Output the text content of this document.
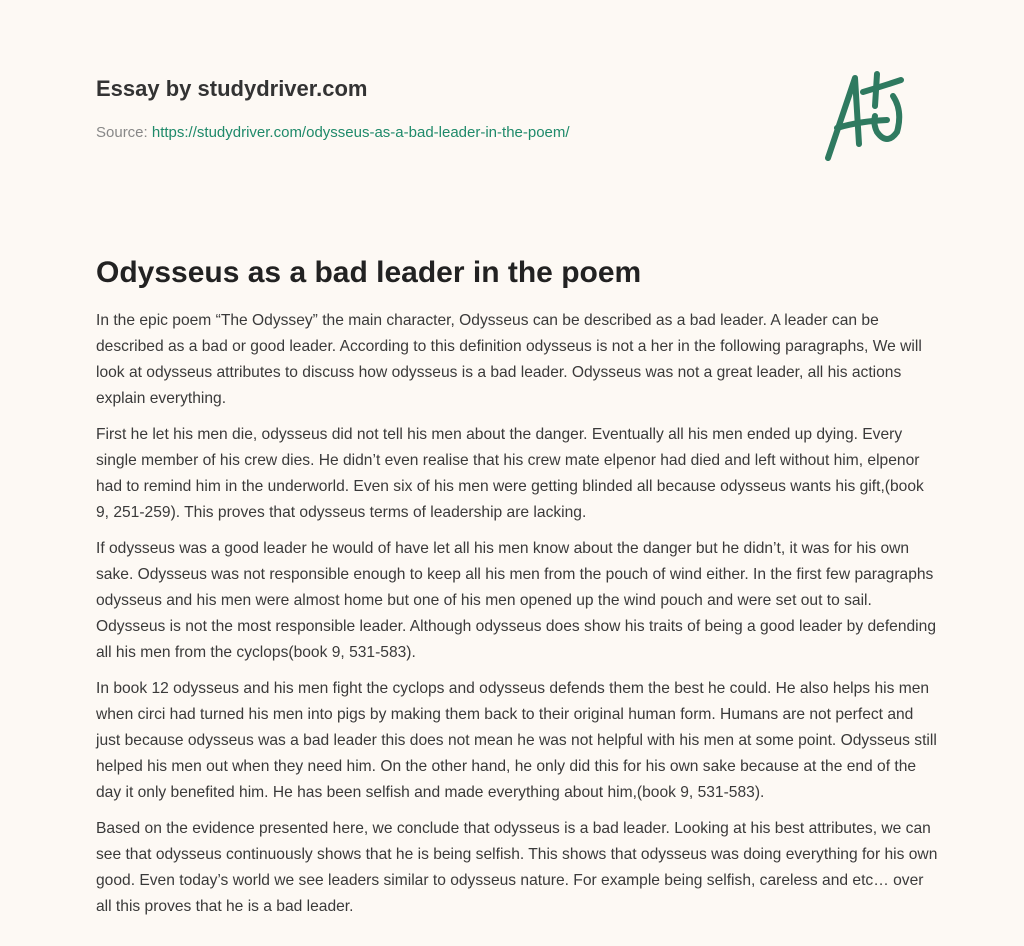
Essay by studydriver.com
Source: https://studydriver.com/odysseus-as-a-bad-leader-in-the-poem/
Odysseus as a bad leader in the poem

In the epic poem “The Odyssey” the main character, Odysseus can be described as a bad leader. A leader can be described as a bad or good leader. According to this definition odysseus is not a her in the following paragraphs, We will look at odysseus attributes to discuss how odysseus is a bad leader. Odysseus was not a great leader, all his actions explain everything.

First he let his men die, odysseus did not tell his men about the danger. Eventually all his men ended up dying. Every single member of his crew dies. He didn’t even realise that his crew mate elpenor had died and left without him, elpenor had to remind him in the underworld. Even six of his men were getting blinded all because odysseus wants his gift,(book 9, 251-259). This proves that odysseus terms of leadership are lacking.

If odysseus was a good leader he would of have let all his men know about the danger but he didn’t, it was for his own sake. Odysseus was not responsible enough to keep all his men from the pouch of wind either. In the first few paragraphs odysseus and his men were almost home but one of his men opened up the wind pouch and were set out to sail. Odysseus is not the most responsible leader. Although odysseus does show his traits of being a good leader by defending all his men from the cyclops(book 9, 531-583).

In book 12 odysseus and his men fight the cyclops and odysseus defends them the best he could. He also helps his men when circi had turned his men into pigs by making them back to their original human form. Humans are not perfect and just because odysseus was a bad leader this does not mean he was not helpful with his men at some point. Odysseus still helped his men out when they need him. On the other hand, he only did this for his own sake because at the end of the day it only benefited him. He has been selfish and made everything about him,(book 9, 531-583).

Based on the evidence presented here, we conclude that odysseus is a bad leader. Looking at his best attributes, we can see that odysseus continuously shows that he is being selfish. This shows that odysseus was doing everything for his own good. Even today’s world we see leaders similar to odysseus nature. For example being selfish, careless and etc… over all this proves that he is a bad leader.
